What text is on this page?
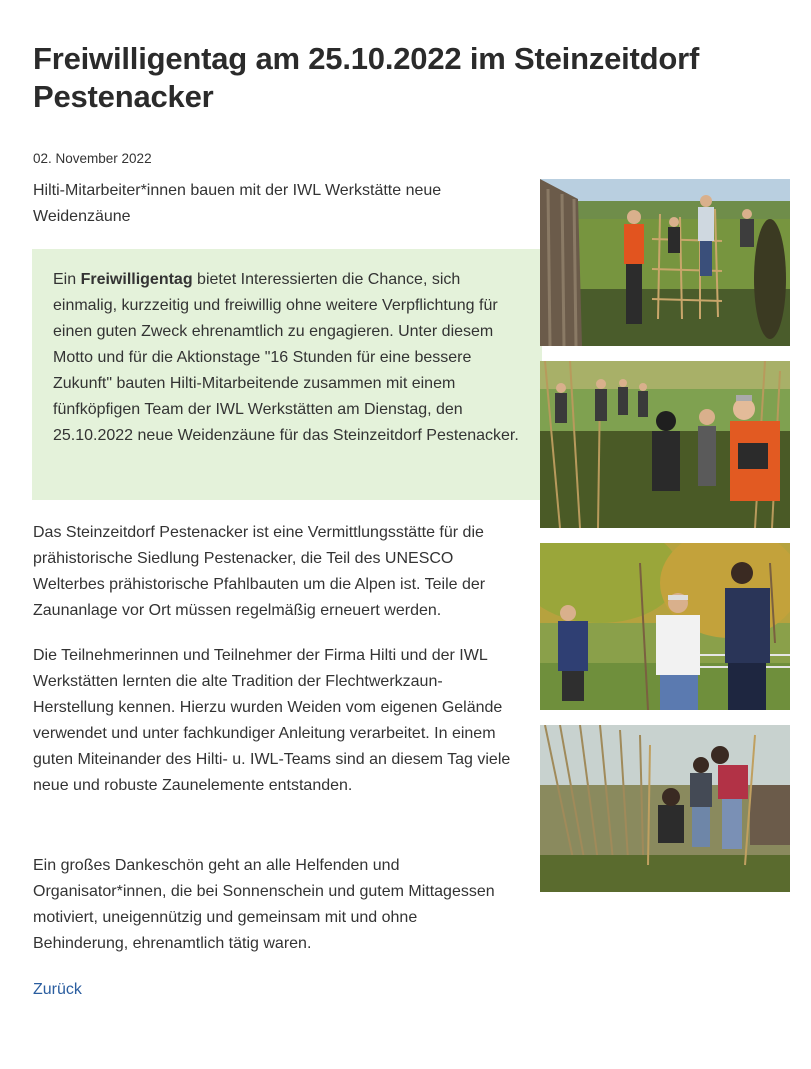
Freiwilligentag am 25.10.2022 im Steinzeitdorf Pestenacker
02. November 2022
Hilti-Mitarbeiter*innen bauen mit der IWL Werkstätte neue Weidenzäune

Ein Freiwilligentag bietet Interessierten die Chance, sich einmalig, kurzzeitig und freiwillig ohne weitere Verpflichtung für einen guten Zweck ehrenamtlich zu engagieren. Unter diesem Motto und für die Aktionstage "16 Stunden für eine bessere Zukunft" bauten Hilti-Mitarbeitende zusammen mit einem fünfköpfigen Team der IWL Werkstätten am Dienstag, den 25.10.2022 neue Weidenzäune für das Steinzeitdorf Pestenacker.

Das Steinzeitdorf Pestenacker ist eine Vermittlungsstätte für die prähistorische Siedlung Pestenacker, die Teil des UNESCO Welterbes prähistorische Pfahlbauten um die Alpen ist. Teile der Zaunanlage vor Ort müssen regelmäßig erneuert werden.

Die Teilnehmerinnen und Teilnehmer der Firma Hilti und der IWL Werkstätten lernten die alte Tradition der Flechtwerkzaun-Herstellung kennen. Hierzu wurden Weiden vom eigenen Gelände verwendet und unter fachkundiger Anleitung verarbeitet. In einem guten Miteinander des Hilti- u. IWL-Teams sind an diesem Tag viele neue und robuste Zaunelemente entstanden.

Ein großes Dankeschön geht an alle Helfenden und Organisator*innen, die bei Sonnenschein und gutem Mittagessen motiviert, uneigennützig und gemeinsam mit und ohne Behinderung, ehrenamtlich tätig waren.

Zurück
